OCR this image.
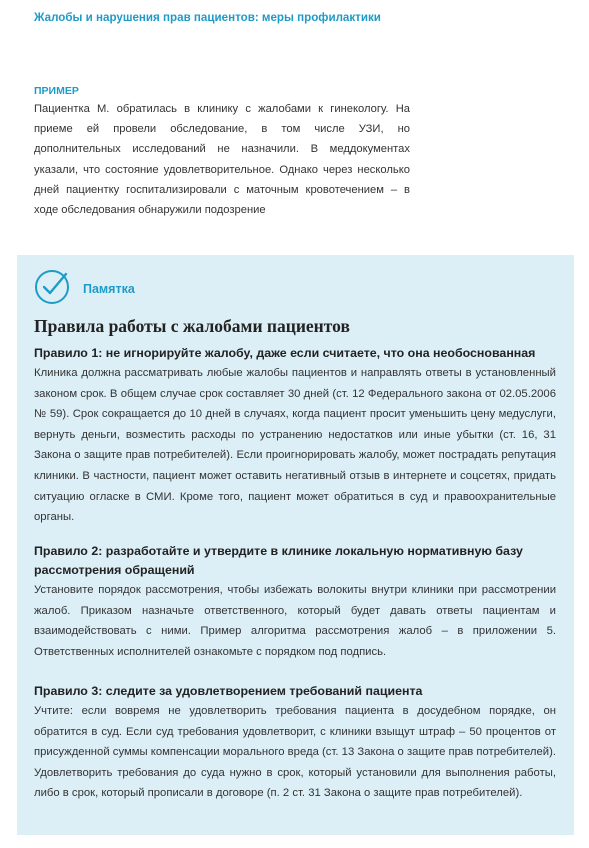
Жалобы и нарушения прав пациентов: меры профилактики
ПРИМЕР
Пациентка М. обратилась в клинику с жалобами к гинекологу. На приеме ей провели обследование, в том числе УЗИ, но дополнительных исследований не назначили. В меддокументах указали, что состояние удовлетворительное. Однако через несколько дней пациентку госпитализировали с маточным кровотечением – в ходе обследования обнаружили подозрение
Памятка
Правила работы с жалобами пациентов
Правило 1: не игнорируйте жалобу, даже если считаете, что она необоснованная
Клиника должна рассматривать любые жалобы пациентов и направлять ответы в установленный законом срок. В общем случае срок составляет 30 дней (ст. 12 Федерального закона от 02.05.2006 № 59). Срок сокращается до 10 дней в случаях, когда пациент просит уменьшить цену медуслуги, вернуть деньги, возместить расходы по устранению недостатков или иные убытки (ст. 16, 31 Закона о защите прав потребителей). Если проигнорировать жалобу, может пострадать репутация клиники. В частности, пациент может оставить негативный отзыв в интернете и соцсетях, придать ситуацию огласке в СМИ. Кроме того, пациент может обратиться в суд и правоохранительные органы.
Правило 2: разработайте и утвердите в клинике локальную нормативную базу рассмотрения обращений
Установите порядок рассмотрения, чтобы избежать волокиты внутри клиники при рассмотрении жалоб. Приказом назначьте ответственного, который будет давать ответы пациентам и взаимодействовать с ними. Пример алгоритма рассмотрения жалоб – в приложении 5. Ответственных исполнителей ознакомьте с порядком под подпись.
Правило 3: следите за удовлетворением требований пациента
Учтите: если вовремя не удовлетворить требования пациента в досудебном порядке, он обратится в суд. Если суд требования удовлетворит, с клиники взыщут штраф – 50 процентов от присужденной суммы компенсации морального вреда (ст. 13 Закона о защите прав потребителей). Удовлетворить требования до суда нужно в срок, который установили для выполнения работы, либо в срок, который прописали в договоре (п. 2 ст. 31 Закона о защите прав потребителей).
